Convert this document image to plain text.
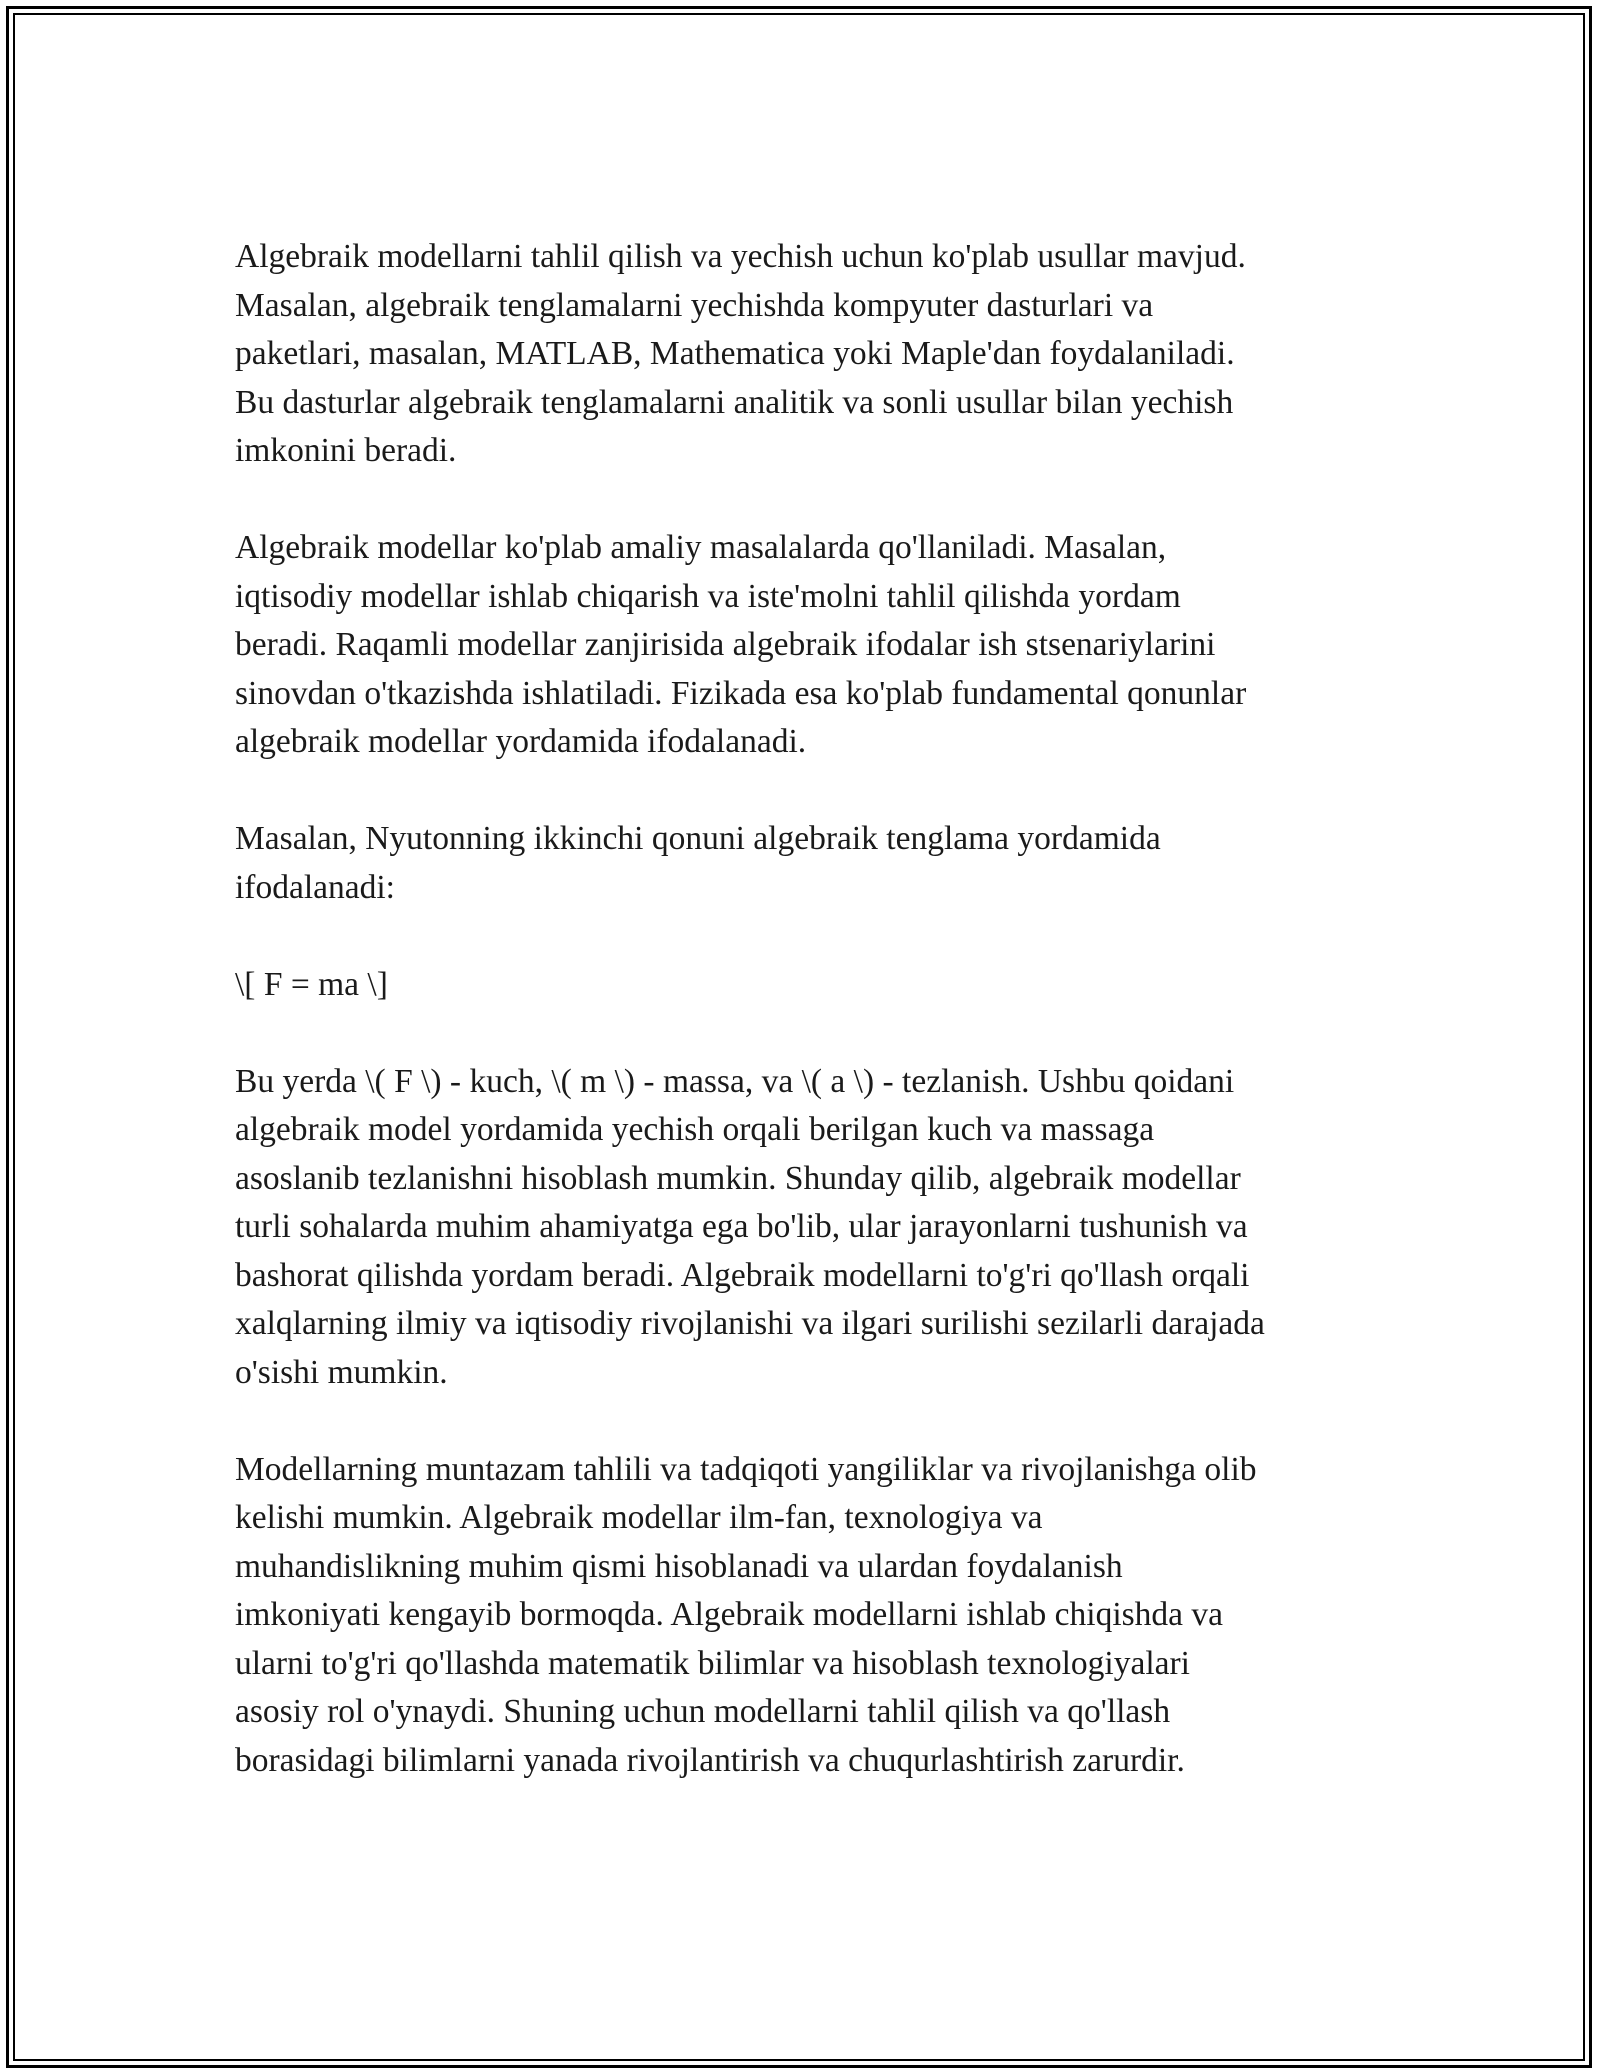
Algebraik modellarni tahlil qilish va yechish uchun ko'plab usullar mavjud.
Masalan, algebraik tenglamalarni yechishda kompyuter dasturlari va
paketlari, masalan, MATLAB, Mathematica yoki Maple'dan foydalaniladi.
Bu dasturlar algebraik tenglamalarni analitik va sonli usullar bilan yechish
imkonini beradi.

Algebraik modellar ko'plab amaliy masalalarda qo'llaniladi. Masalan,
iqtisodiy modellar ishlab chiqarish va iste'molni tahlil qilishda yordam
beradi. Raqamli modellar zanjirisida algebraik ifodalar ish stsenariylarini
sinovdan o'tkazishda ishlatiladi. Fizikada esa ko'plab fundamental qonunlar
algebraik modellar yordamida ifodalanadi.

Masalan, Nyutonning ikkinchi qonuni algebraik tenglama yordamida
ifodalanadi:

\[ F = ma \]

Bu yerda \( F \) - kuch, \( m \) - massa, va \( a \) - tezlanish. Ushbu qoidani
algebraik model yordamida yechish orqali berilgan kuch va massaga
asoslanib tezlanishni hisoblash mumkin. Shunday qilib, algebraik modellar
turli sohalarda muhim ahamiyatga ega bo'lib, ular jarayonlarni tushunish va
bashorat qilishda yordam beradi. Algebraik modellarni to'g'ri qo'llash orqali
xalqlarning ilmiy va iqtisodiy rivojlanishi va ilgari surilishi sezilarli darajada
o'sishi mumkin.

Modellarning muntazam tahlili va tadqiqoti yangiliklar va rivojlanishga olib
kelishi mumkin. Algebraik modellar ilm-fan, texnologiya va
muhandislikning muhim qismi hisoblanadi va ulardan foydalanish
imkoniyati kengayib bormoqda. Algebraik modellarni ishlab chiqishda va
ularni to'g'ri qo'llashda matematik bilimlar va hisoblash texnologiyalari
asosiy rol o'ynaydi. Shuning uchun modellarni tahlil qilish va qo'llash
borasidagi bilimlarni yanada rivojlantirish va chuqurlashtirish zarurdir.
